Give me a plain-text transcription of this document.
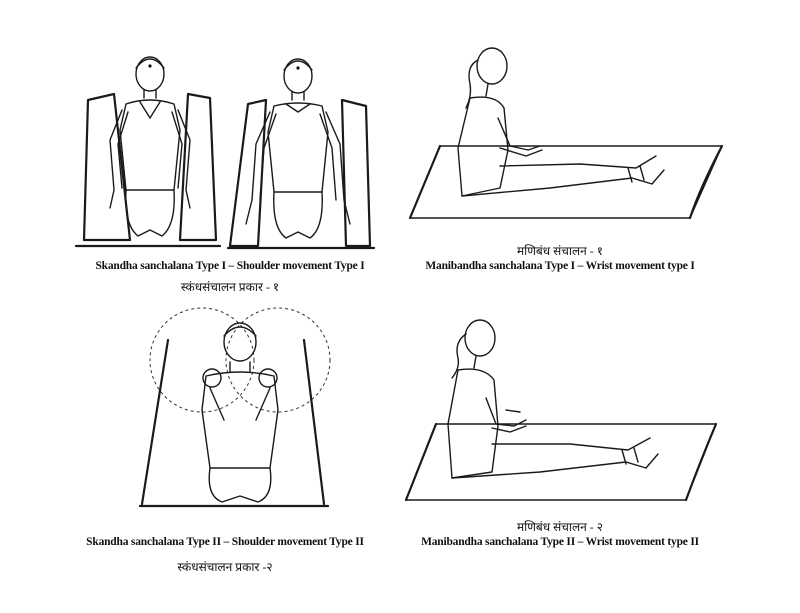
Skandha sanchalana Type I – Shoulder movement Type I
स्कंधसंचालन प्रकार - १
मणिबंध संचालन - १
Manibandha sanchalana Type I – Wrist movement type I
Skandha sanchalana Type II – Shoulder movement Type II
स्कंधसंचालन प्रकार -२
मणिबंध संचालन - २
Manibandha sanchalana Type II – Wrist movement type II
